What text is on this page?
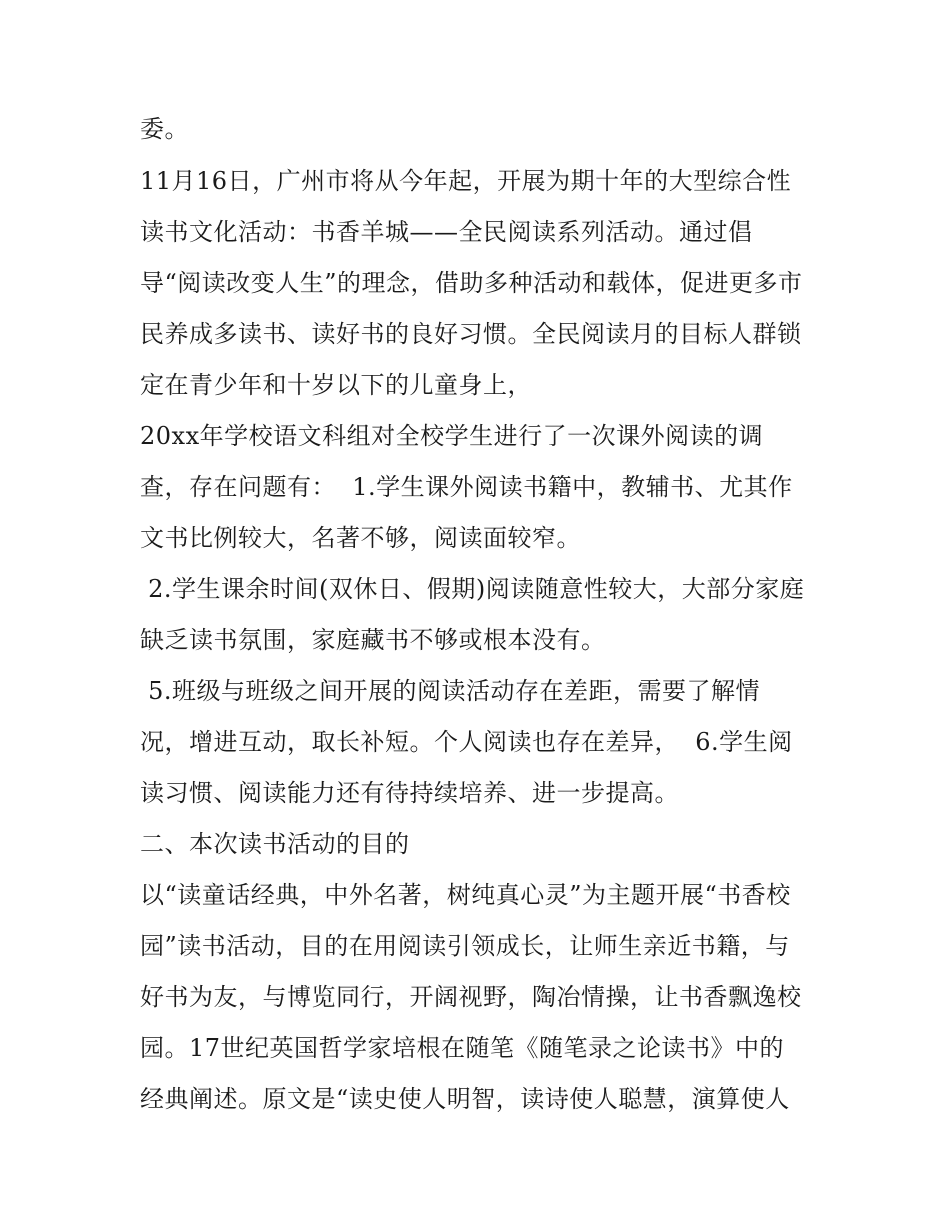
委。
11月16日，广州市将从今年起，开展为期十年的大型综合性
读书文化活动：书香羊城——全民阅读系列活动。通过倡
导“阅读改变人生”的理念，借助多种活动和载体，促进更多市
民养成多读书、读好书的良好习惯。全民阅读月的目标人群锁
定在青少年和十岁以下的儿童身上，
20xx年学校语文科组对全校学生进行了一次课外阅读的调
查，存在问题有：  1.学生课外阅读书籍中，教辅书、尤其作
文书比例较大，名著不够，阅读面较窄。
2.学生课余时间(双休日、假期)阅读随意性较大，大部分家庭
缺乏读书氛围，家庭藏书不够或根本没有。
5.班级与班级之间开展的阅读活动存在差距，需要了解情
况，增进互动，取长补短。个人阅读也存在差异，  6.学生阅
读习惯、阅读能力还有待持续培养、进一步提高。
二、本次读书活动的目的
以“读童话经典，中外名著，树纯真心灵”为主题开展“书香校
园”读书活动，目的在用阅读引领成长，让师生亲近书籍，与
好书为友，与博览同行，开阔视野，陶冶情操，让书香飘逸校
园。17世纪英国哲学家培根在随笔《随笔录之论读书》中的
经典阐述。原文是“读史使人明智，读诗使人聪慧，演算使人
